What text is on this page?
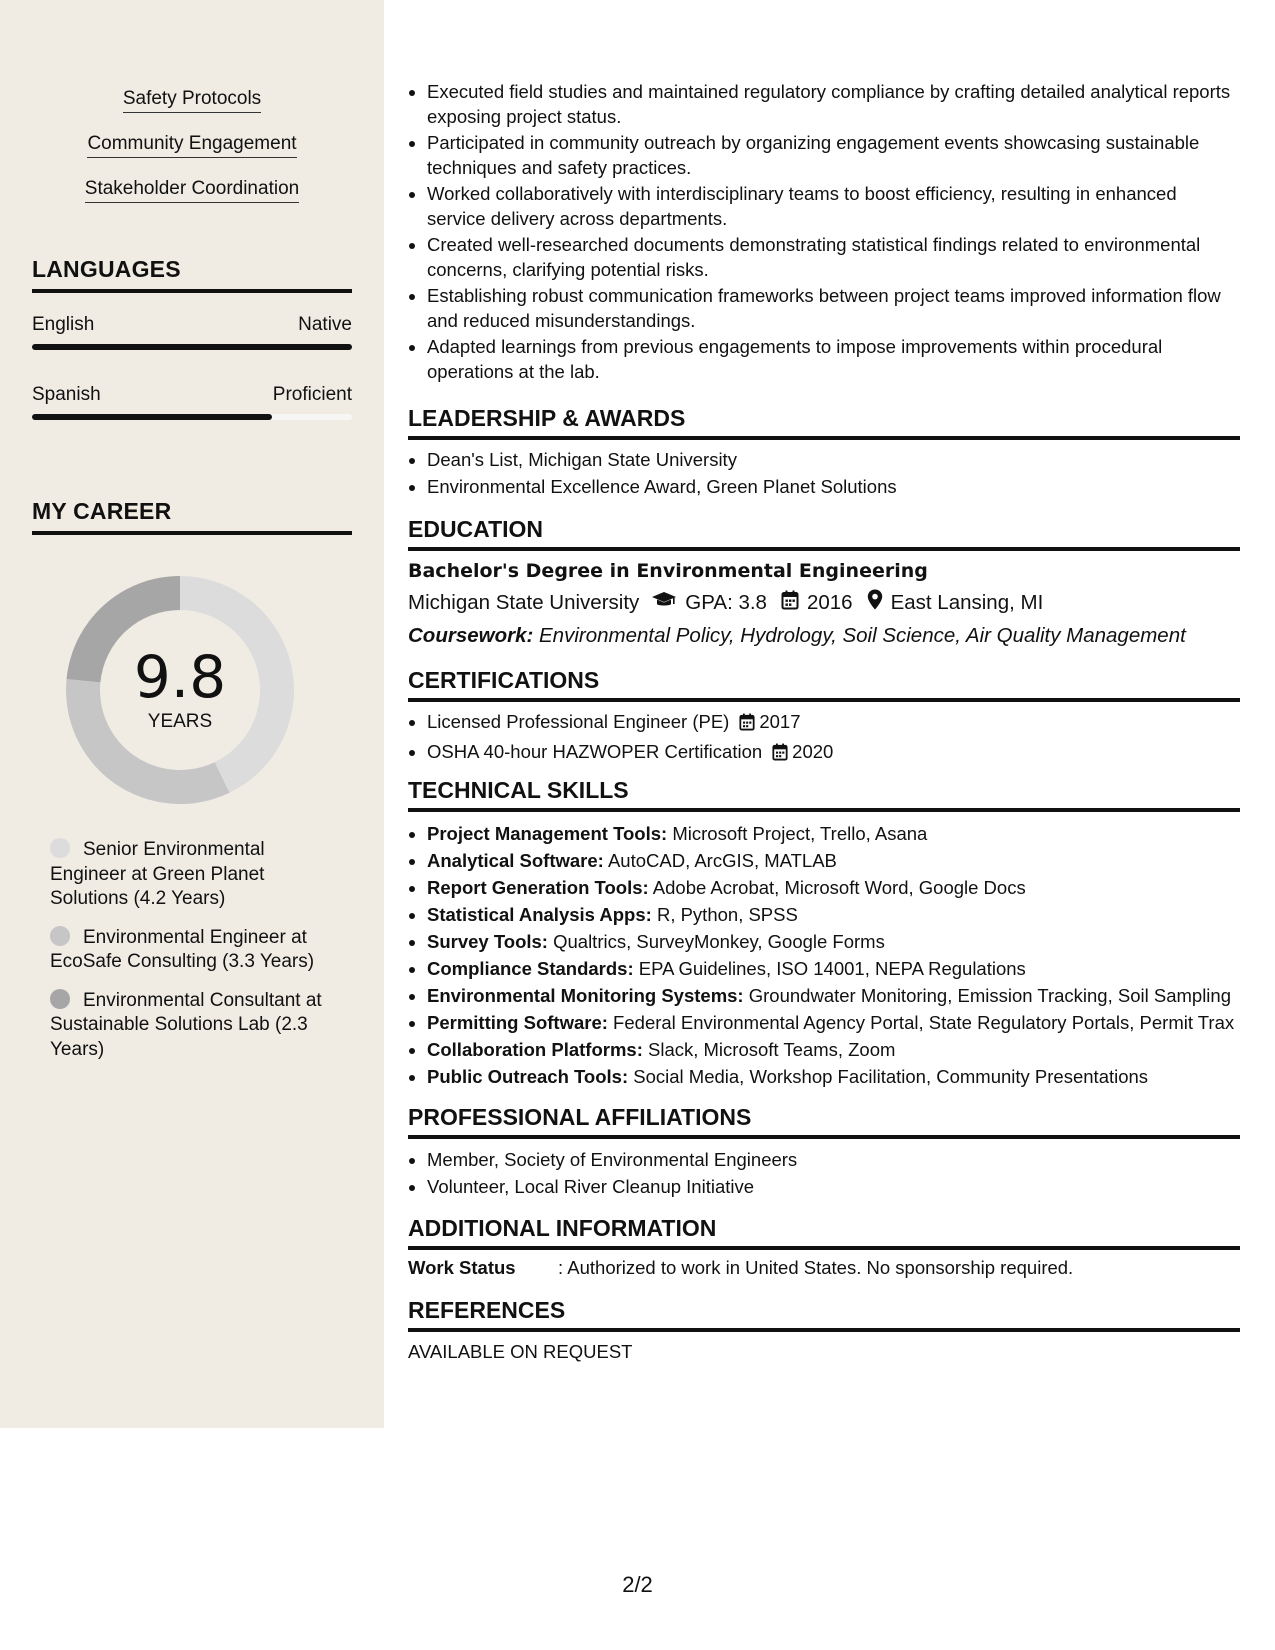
Safety Protocols
Community Engagement
Stakeholder Coordination
LANGUAGES
English	Native
Spanish	Proficient
MY CAREER
9.8
YEARS
Senior Environmental Engineer at Green Planet Solutions (4.2 Years)
Environmental Engineer at EcoSafe Consulting (3.3 Years)
Environmental Consultant at Sustainable Solutions Lab (2.3 Years)
• Executed field studies and maintained regulatory compliance by crafting detailed analytical reports exposing project status.
• Participated in community outreach by organizing engagement events showcasing sustainable techniques and safety practices.
• Worked collaboratively with interdisciplinary teams to boost efficiency, resulting in enhanced service delivery across departments.
• Created well-researched documents demonstrating statistical findings related to environmental concerns, clarifying potential risks.
• Establishing robust communication frameworks between project teams improved information flow and reduced misunderstandings.
• Adapted learnings from previous engagements to impose improvements within procedural operations at the lab.
LEADERSHIP & AWARDS
• Dean's List, Michigan State University
• Environmental Excellence Award, Green Planet Solutions
EDUCATION
Bachelor's Degree in Environmental Engineering
Michigan State University GPA: 3.8 2016 East Lansing, MI
Coursework: Environmental Policy, Hydrology, Soil Science, Air Quality Management
CERTIFICATIONS
• Licensed Professional Engineer (PE) 2017
• OSHA 40-hour HAZWOPER Certification 2020
TECHNICAL SKILLS
• Project Management Tools: Microsoft Project, Trello, Asana
• Analytical Software: AutoCAD, ArcGIS, MATLAB
• Report Generation Tools: Adobe Acrobat, Microsoft Word, Google Docs
• Statistical Analysis Apps: R, Python, SPSS
• Survey Tools: Qualtrics, SurveyMonkey, Google Forms
• Compliance Standards: EPA Guidelines, ISO 14001, NEPA Regulations
• Environmental Monitoring Systems: Groundwater Monitoring, Emission Tracking, Soil Sampling
• Permitting Software: Federal Environmental Agency Portal, State Regulatory Portals, Permit Trax
• Collaboration Platforms: Slack, Microsoft Teams, Zoom
• Public Outreach Tools: Social Media, Workshop Facilitation, Community Presentations
PROFESSIONAL AFFILIATIONS
• Member, Society of Environmental Engineers
• Volunteer, Local River Cleanup Initiative
ADDITIONAL INFORMATION
Work Status : Authorized to work in United States. No sponsorship required.
REFERENCES
AVAILABLE ON REQUEST
2/2
